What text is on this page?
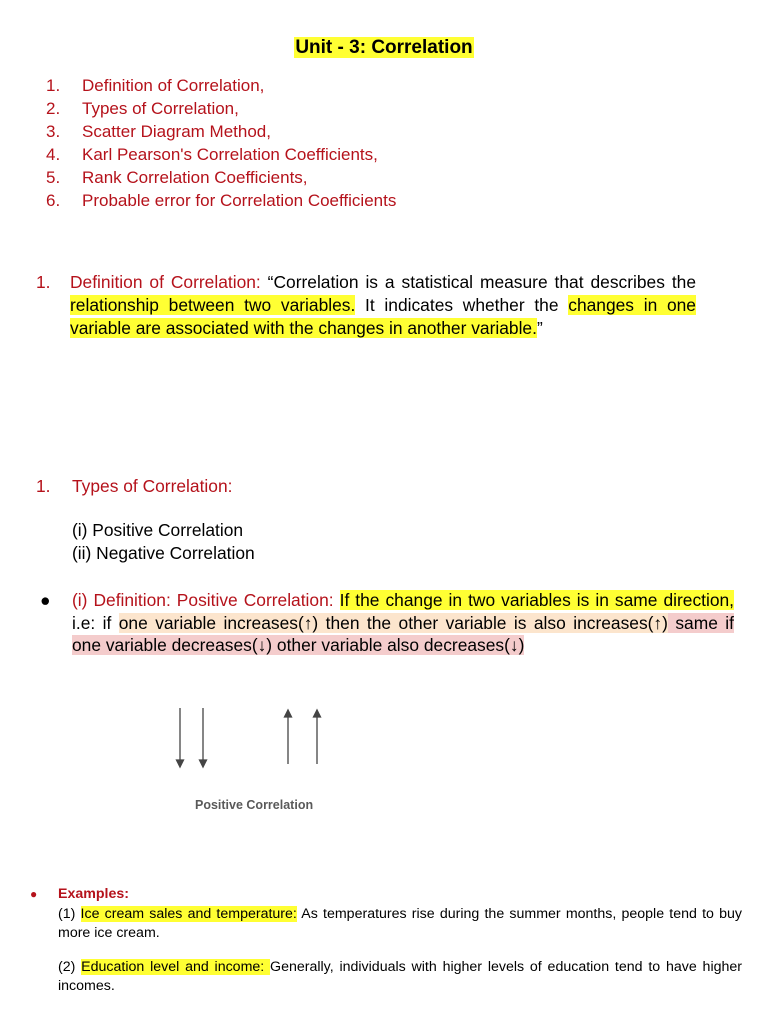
Unit - 3: Correlation
1. Definition of Correlation,
2. Types of Correlation,
3. Scatter Diagram Method,
4. Karl Pearson's Correlation Coefficients,
5. Rank Correlation Coefficients,
6. Probable error for Correlation Coefficients
1.	Definition of Correlation: “Correlation is a statistical measure that describes the relationship between two variables. It indicates whether the changes in one variable are associated with the changes in another variable.”
1. Types of Correlation:
(i) Positive Correlation
(ii) Negative Correlation
●	(i) Definition: Positive Correlation: If the change in two variables is in same direction, i.e: if one variable increases(↑) then the other variable is also increases(↑) same if one variable decreases(↓) other variable also decreases(↓)
Positive Correlation
● Examples:

(1) Ice cream sales and temperature: As temperatures rise during the summer months, people tend to buy more ice cream.

(2) Education level and income: Generally, individuals with higher levels of education tend to have higher incomes.
